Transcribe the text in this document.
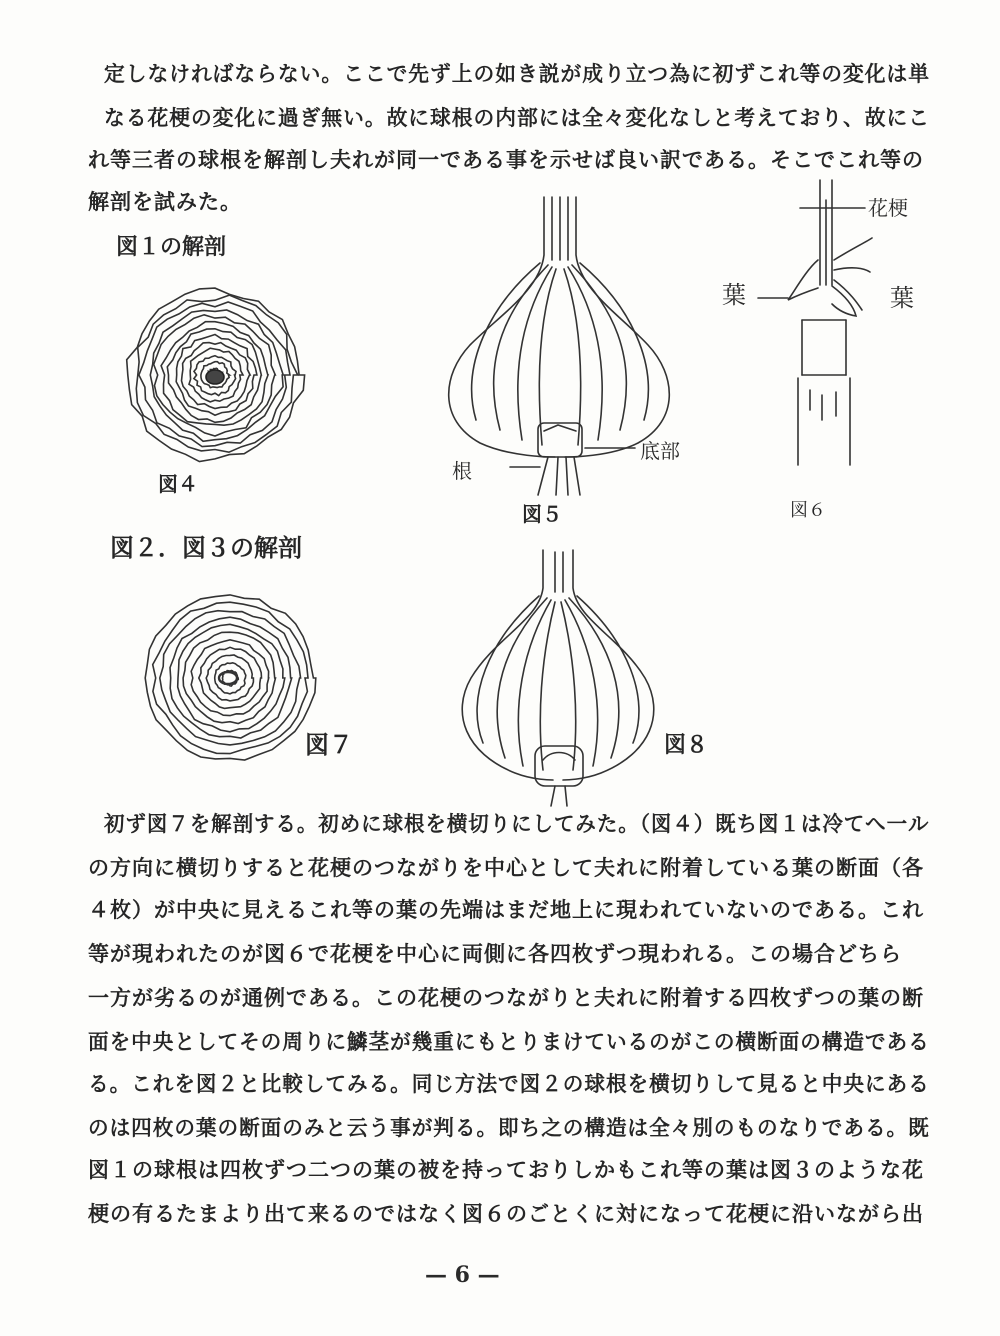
定しなければならない。ここで先ず上の如き説が成り立つ為に初ずこれ等の変化は単
なる花梗の変化に過ぎ無い。故に球根の内部には全々変化なしと考えており、故にこ
れ等三者の球根を解剖し夫れが同一である事を示せば良い訳である。そこでこれ等の
解剖を試みた。
図１の解剖
図４
根
底部
図５
花梗
葉	葉
図６
図２．図３の解剖
図７	図８
初ず図７を解剖する。初めに球根を横切りにしてみた。（図４）既ち図１は冷てへ一ル
の方向に横切りすると花梗のつながりを中心として夫れに附着している葉の断面（各
４枚）が中央に見えるこれ等の葉の先端はまだ地上に現われていないのである。これ
等が現われたのが図６で花梗を中心に両側に各四枚ずつ現われる。この場合どちら
一方が劣るのが通例である。この花梗のつながりと夫れに附着する四枚ずつの葉の断
面を中央としてその周りに鱗茎が幾重にもとりまけているのがこの横断面の構造である
る。これを図２と比較してみる。同じ方法で図２の球根を横切りして見ると中央にある
のは四枚の葉の断面のみと云う事が判る。即ち之の構造は全々別のものなりである。既
図１の球根は四枚ずつ二つの葉の被を持っておりしかもこれ等の葉は図３のような花
梗の有るたまより出て来るのではなく図６のごとくに対になって花梗に沿いながら出
— 6 —
